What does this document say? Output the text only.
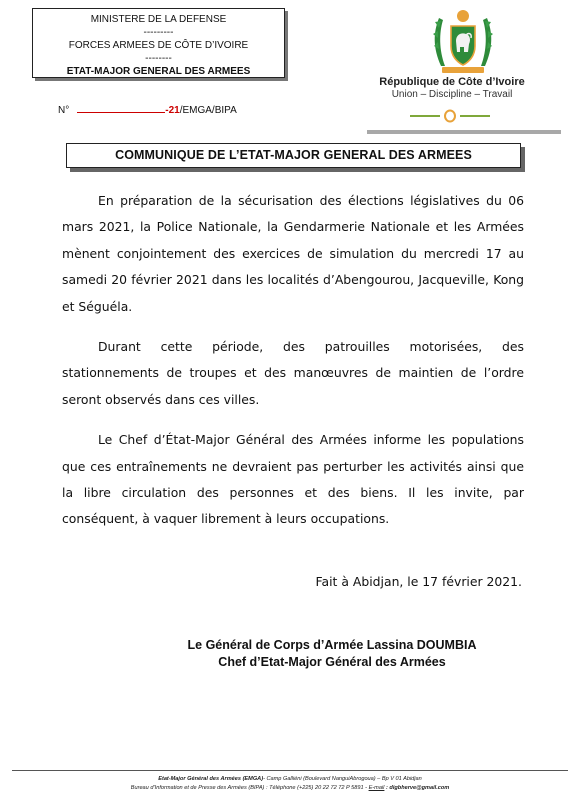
MINISTERE DE LA DEFENSE
---------
FORCES ARMEES DE CÔTE D’IVOIRE
--------
ETAT-MAJOR GENERAL DES ARMEES
N°	-21/EMGA/BIPA
République de Côte d’Ivoire
Union – Discipline – Travail
COMMUNIQUE DE L’ETAT-MAJOR GENERAL DES ARMEES

En préparation de la sécurisation des élections législatives du 06 mars 2021, la Police Nationale, la Gendarmerie Nationale et les Armées mènent conjointement des exercices de simulation du mercredi 17 au samedi 20 février 2021 dans les localités d’Abengourou, Jacqueville, Kong et Séguéla.

Durant cette période, des patrouilles motorisées, des stationnements de troupes et des manœuvres de maintien de l’ordre seront observés dans ces villes.

Le Chef d’État-Major Général des Armées informe les populations que ces entraînements ne devraient pas perturber les activités ainsi que la libre circulation des personnes et des biens. Il les invite, par conséquent, à vaquer librement à leurs occupations.

Fait à Abidjan, le 17 février 2021.
Le Général de Corps d’Armée Lassina DOUMBIA
Chef d’Etat-Major Général des Armées
Etat-Major Général des Armées (EMGA)- Camp Galliéni (Boulevard NanguiAbrogoua) – Bp V 01 Abidjan
Bureau d’Information et de Presse des Armées (BIPA) : Téléphone (+225) 20 22 72 72 P 5891 - E-mail : digbherve@gmail.com
